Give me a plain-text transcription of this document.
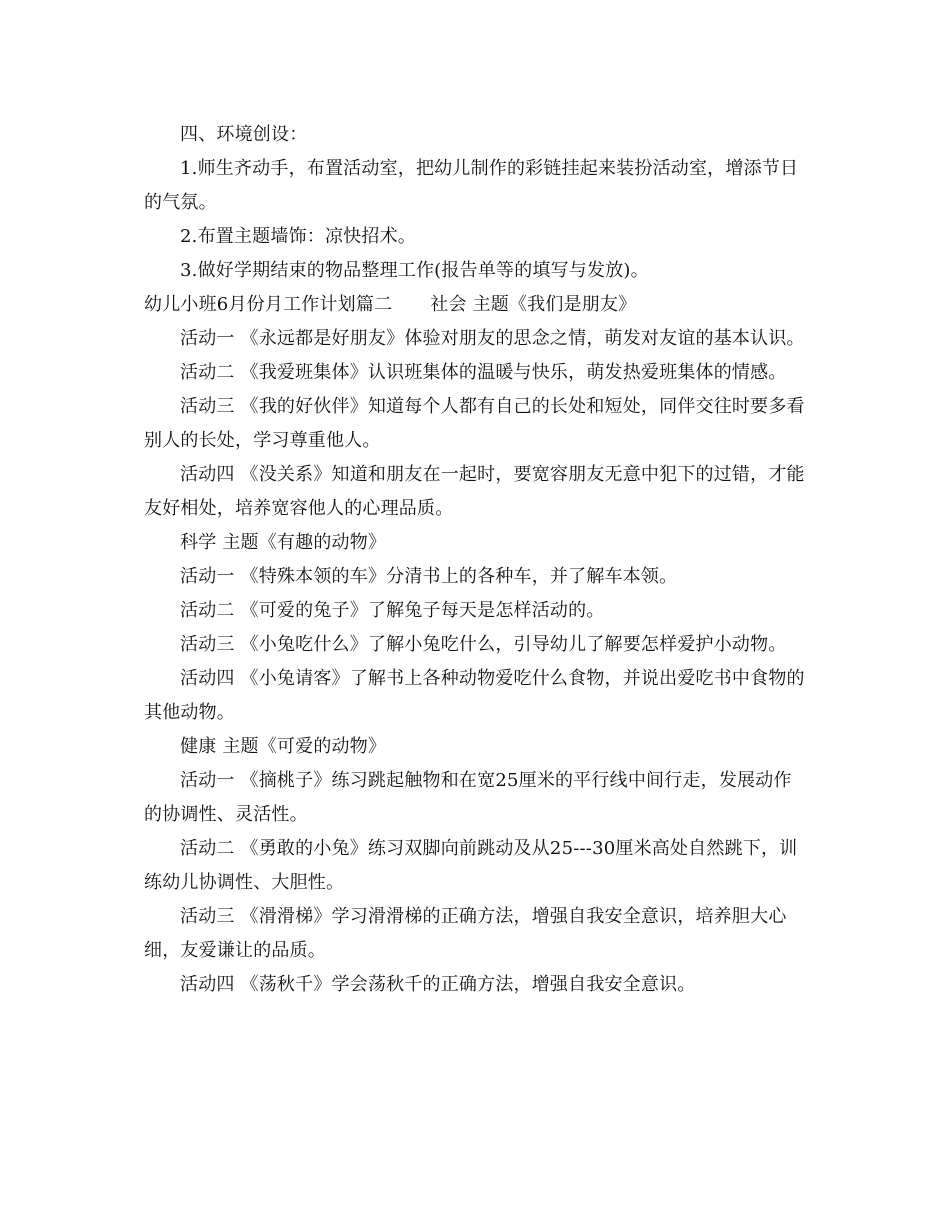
四、环境创设：

1.师生齐动手，布置活动室，把幼儿制作的彩链挂起来装扮活动室，增添节日的气氛。

2.布置主题墙饰：凉快招术。

3.做好学期结束的物品整理工作(报告单等的填写与发放)。

幼儿小班6月份月工作计划篇二 社会 主题《我们是朋友》

活动一 《永远都是好朋友》体验对朋友的思念之情，萌发对友谊的基本认识。

活动二 《我爱班集体》认识班集体的温暖与快乐，萌发热爱班集体的情感。

活动三 《我的好伙伴》知道每个人都有自己的长处和短处，同伴交往时要多看别人的长处，学习尊重他人。

活动四 《没关系》知道和朋友在一起时，要宽容朋友无意中犯下的过错，才能友好相处，培养宽容他人的心理品质。

科学 主题《有趣的动物》

活动一 《特殊本领的车》分清书上的各种车，并了解车本领。

活动二 《可爱的兔子》了解兔子每天是怎样活动的。

活动三 《小兔吃什么》了解小兔吃什么，引导幼儿了解要怎样爱护小动物。

活动四 《小兔请客》了解书上各种动物爱吃什么食物，并说出爱吃书中食物的其他动物。

健康 主题《可爱的动物》

活动一 《摘桃子》练习跳起触物和在宽25厘米的平行线中间行走，发展动作的协调性、灵活性。

活动二 《勇敢的小兔》练习双脚向前跳动及从25---30厘米高处自然跳下，训练幼儿协调性、大胆性。

活动三 《滑滑梯》学习滑滑梯的正确方法，增强自我安全意识，培养胆大心细，友爱谦让的品质。

活动四 《荡秋千》学会荡秋千的正确方法，增强自我安全意识。
